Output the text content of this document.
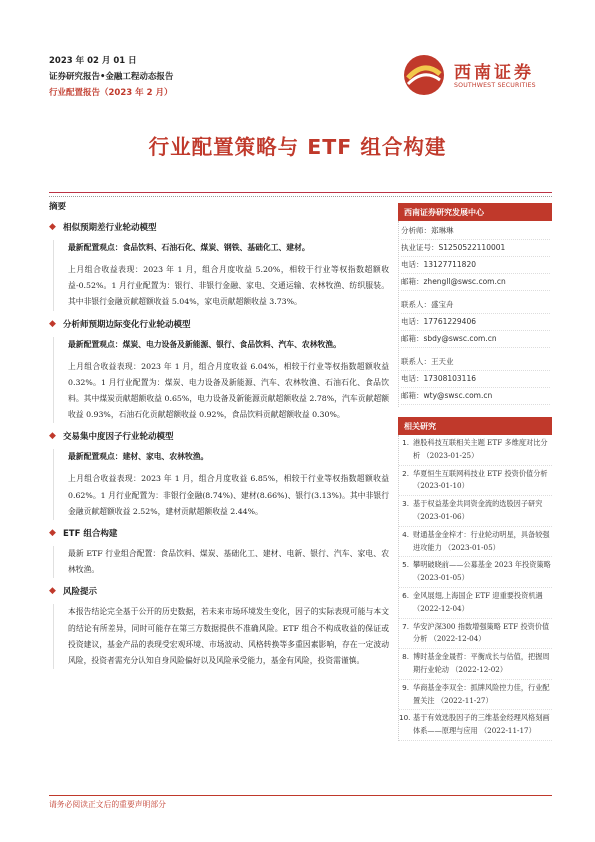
2023 年 02 月 01 日
证券研究报告•金融工程动态报告
行业配置报告（2023 年 2 月）
西南证券
SOUTHWEST SECURITIES
行业配置策略与 ETF 组合构建
摘要
◆ 相似预期差行业轮动模型
最新配置观点：食品饮料、石油石化、煤炭、钢铁、基础化工、建材。
上月组合收益表现：2023 年 1 月，组合月度收益 5.20%，相较于行业等权指数超额收益-0.52%。1 月行业配置为：银行、非银行金融、家电、交通运输、农林牧渔、纺织服装。其中非银行金融贡献超额收益 5.04%，家电贡献超额收益 3.73%。
◆ 分析师预期边际变化行业轮动模型
最新配置观点：煤炭、电力设备及新能源、银行、食品饮料、汽车、农林牧渔。
上月组合收益表现：2023 年 1 月，组合月度收益 6.04%，相较于行业等权指数超额收益 0.32%。1 月行业配置为：煤炭、电力设备及新能源、汽车、农林牧渔、石油石化、食品饮料。其中煤炭贡献超额收益 0.65%，电力设备及新能源贡献超额收益 2.78%，汽车贡献超额收益 0.93%，石油石化贡献超额收益 0.92%，食品饮料贡献超额收益 0.30%。
◆ 交易集中度因子行业轮动模型
最新配置观点：建材、家电、农林牧渔。
上月组合收益表现：2023 年 1 月，组合月度收益 6.85%，相较于行业等权指数超额收益 0.62%。1 月行业配置为：非银行金融(8.74%)、建材(8.66%)、银行(3.13%)。其中非银行金融贡献超额收益 2.52%，建材贡献超额收益 2.44%。
◆ ETF 组合构建
最新 ETF 行业组合配置：食品饮料、煤炭、基础化工、建材、电新、银行、汽车、家电、农林牧渔。
◆ 风险提示
本报告结论完全基于公开的历史数据，若未来市场环境发生变化，因子的实际表现可能与本文的结论有所差异，同时可能存在第三方数据提供不准确风险。ETF 组合不构成收益的保证或投资建议，基金产品的表现受宏观环境、市场波动、风格转换等多重因素影响，存在一定波动风险，投资者需充分认知自身风险偏好以及风险承受能力，基金有风险，投资需谨慎。
西南证券研究发展中心
分析师：郑琳琳
执业证号：S1250522110001
电话：13127711820
邮箱：zhengll@swsc.com.cn
联系人：盛宝舟
电话：17761229406
邮箱：sbdy@swsc.com.cn
联系人：王天业
电话：17308103116
邮箱：wty@swsc.com.cn
相关研究
1. 港股科技互联相关主题 ETF 多维度对比分析 （2023-01-25）
2. 华夏恒生互联网科技业 ETF 投资价值分析 （2023-01-10）
3. 基于权益基金共同资金流的选股因子研究 （2023-01-06）
4. 财通基金金梓才：行业轮动明星，具备较强进攻能力 （2023-01-05）
5. 攀明破晓前——公募基金 2023 年投资策略 （2023-01-05）
6. 金风展翅,上海国企 ETF 迎重要投资机遇 （2022-12-04）
7. 华安沪深300 指数增强策略 ETF 投资价值分析 （2022-12-04）
8. 博时基金金晟哲：平衡成长与估值，把握周期行业轮动 （2022-12-02）
9. 华商基金李双全：抓牌风险控力佳，行业配置关注 （2022-11-27）
10. 基于有效选股因子的三维基金经理风格刻画体系——原理与应用 （2022-11-17）
请务必阅读正文后的重要声明部分
